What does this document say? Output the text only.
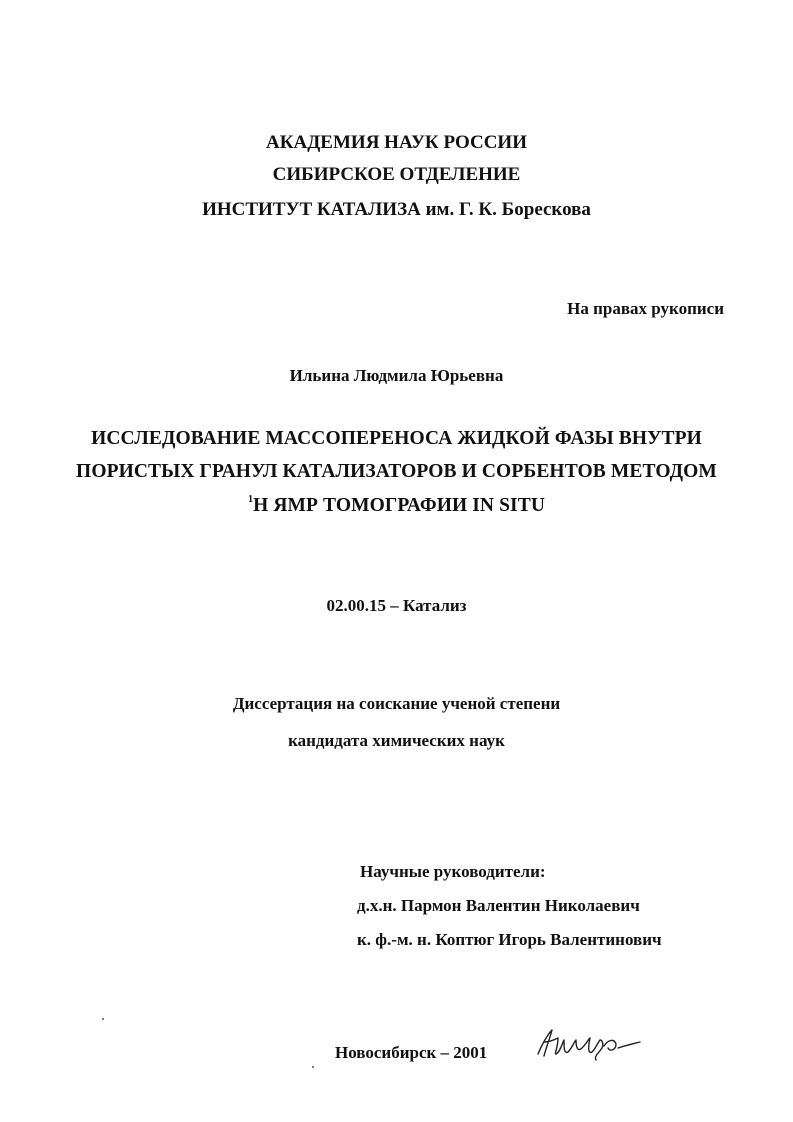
АКАДЕМИЯ НАУК РОССИИ
СИБИРСКОЕ ОТДЕЛЕНИЕ
ИНСТИТУТ КАТАЛИЗА им. Г. К. Борескова
На правах рукописи
Ильина Людмила Юрьевна
ИССЛЕДОВАНИЕ МАССОПЕРЕНОСА ЖИДКОЙ ФАЗЫ ВНУТРИ
ПОРИСТЫХ ГРАНУЛ КАТАЛИЗАТОРОВ И СОРБЕНТОВ МЕТОДОМ
$^1$Н ЯМР ТОМОГРАФИИ IN SITU
02.00.15 – Катализ
Диссертация на соискание ученой степени
кандидата химических наук
Научные руководители:
д.х.н. Пармон Валентин Николаевич
к. ф.-м. н. Коптюг Игорь Валентинович
Новосибирск – 2001
